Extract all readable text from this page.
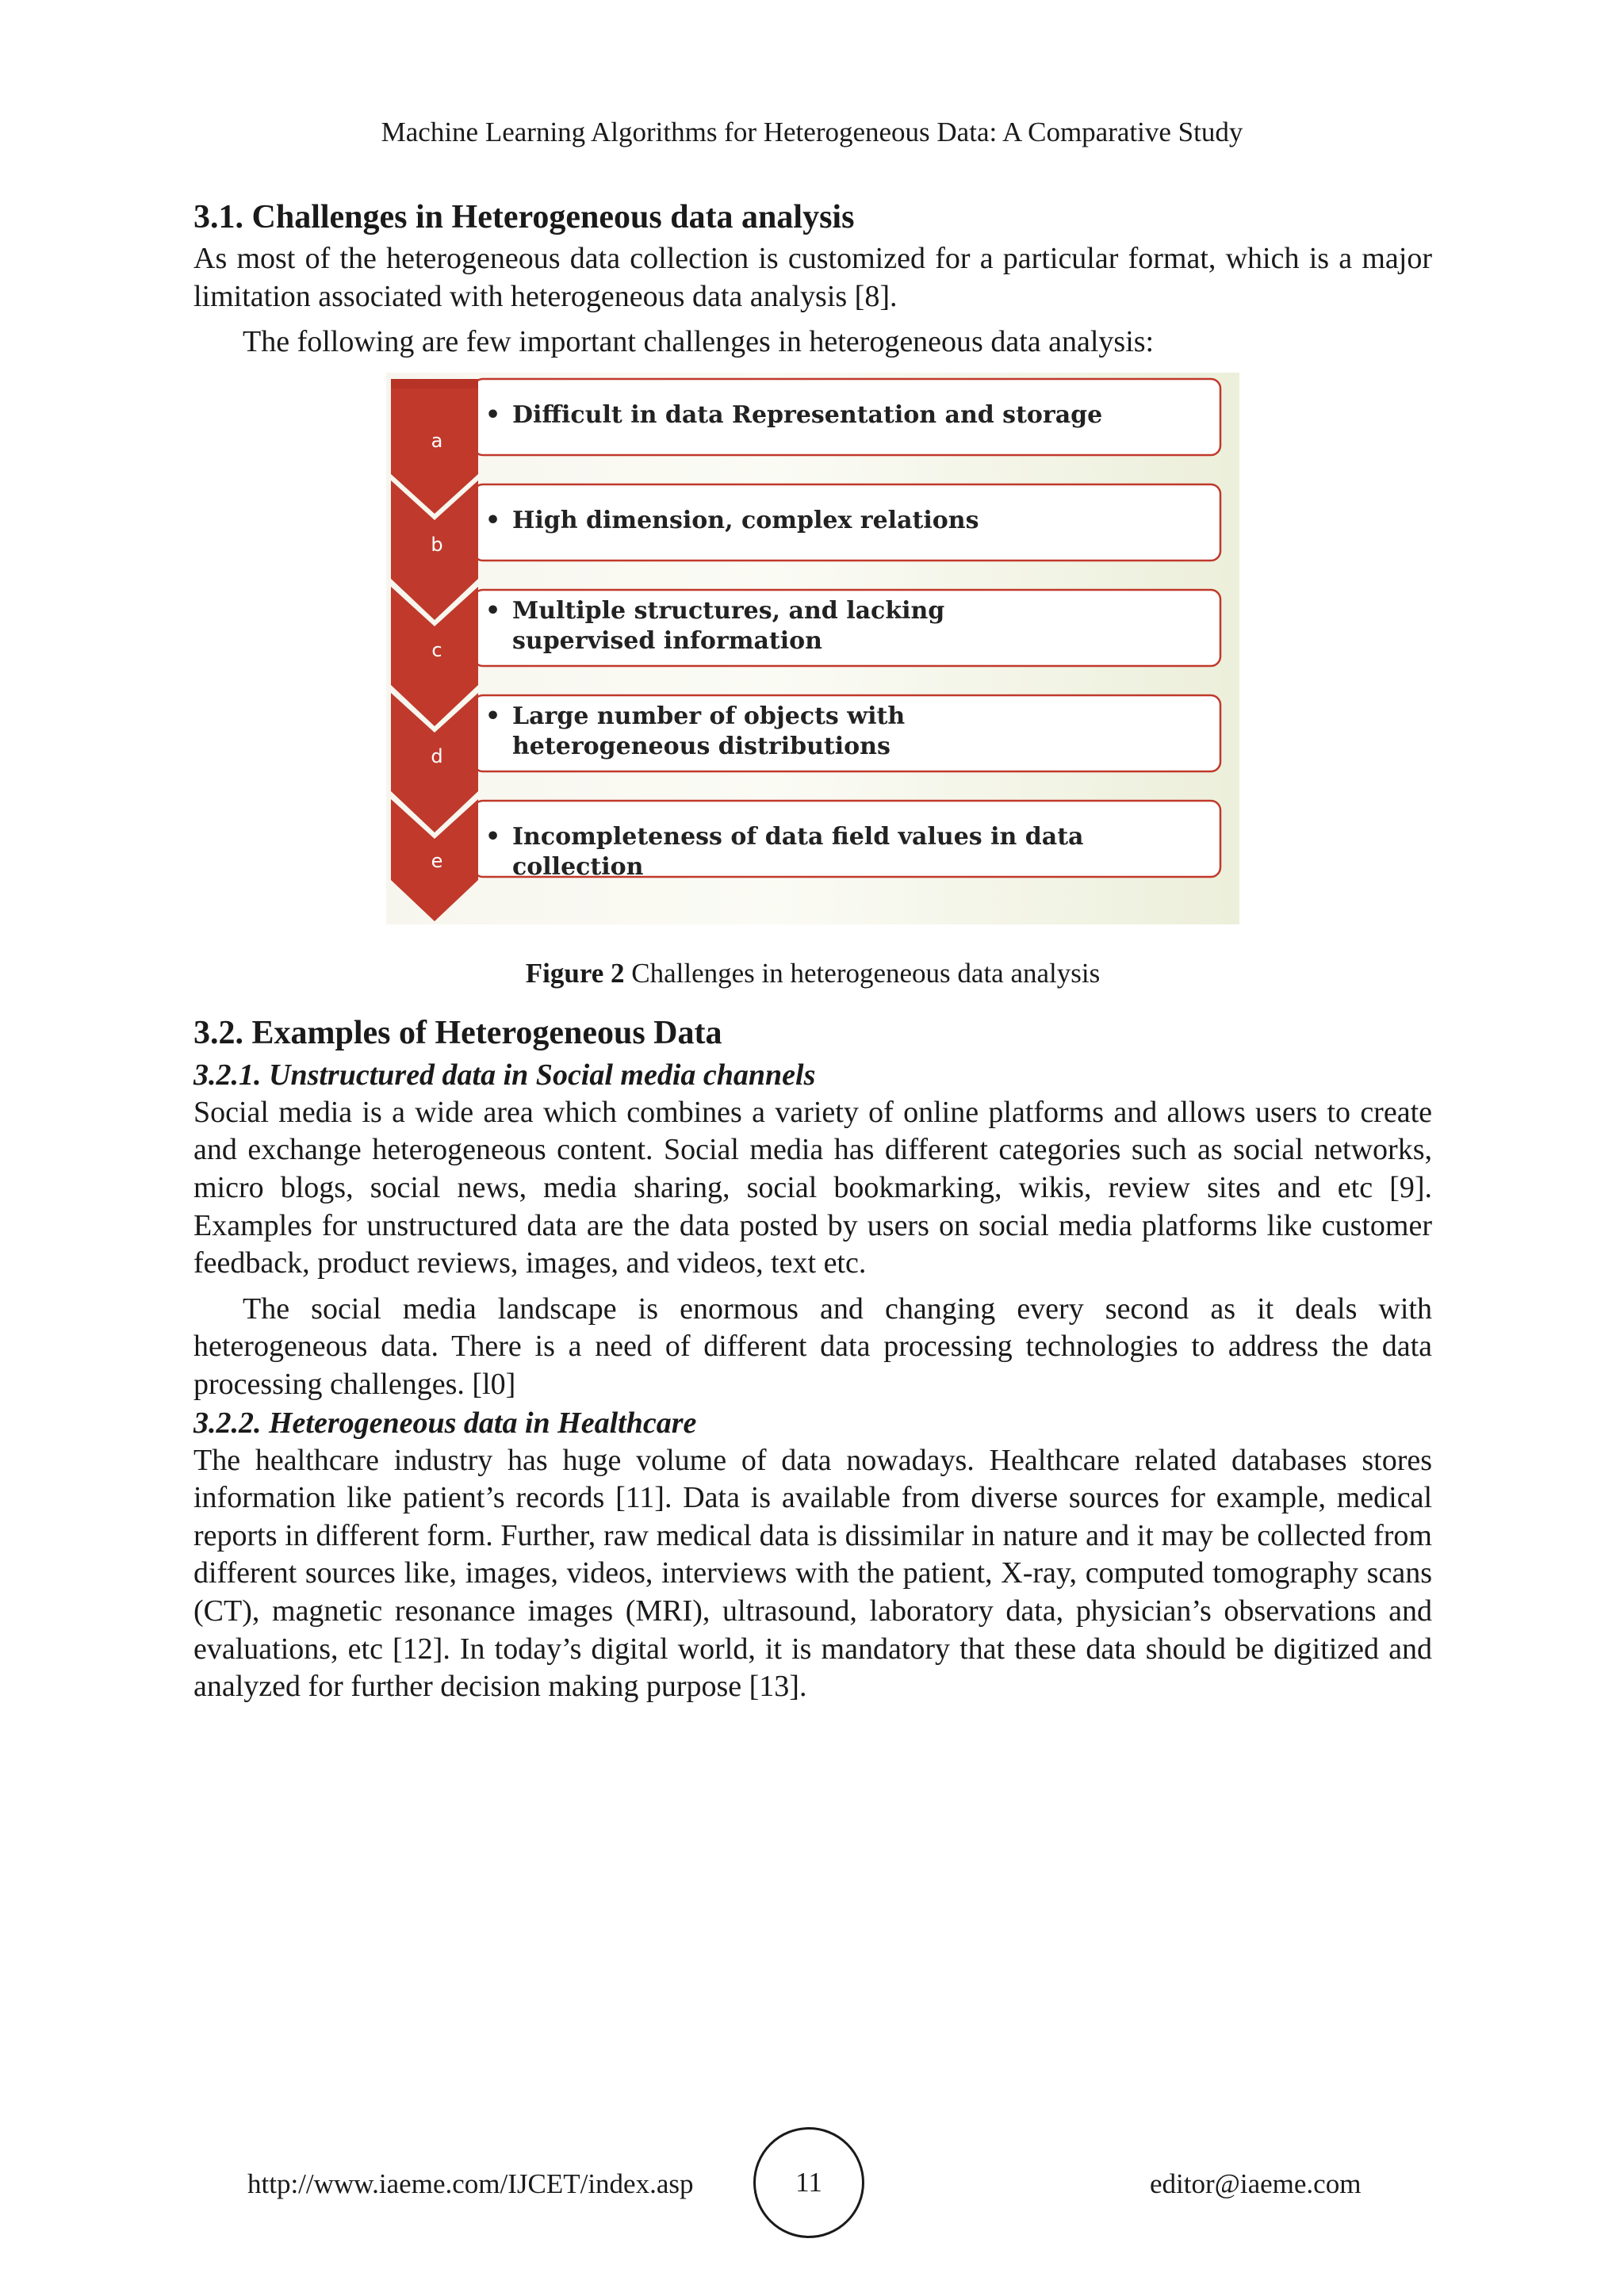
Machine Learning Algorithms for Heterogeneous Data: A Comparative Study
3.1. Challenges in Heterogeneous data analysis

As most of the heterogeneous data collection is customized for a particular format, which is a major limitation associated with heterogeneous data analysis [8].

The following are few important challenges in heterogeneous data analysis:

a
b
c
d
e
• Difficult in data Representation and storage
• High dimension, complex relations
• Multiple structures, and lacking supervised information
• Large number of objects with heterogeneous distributions
• Incompleteness of data field values in data collection
Figure 2 Challenges in heterogeneous data analysis
3.2. Examples of Heterogeneous Data
3.2.1. Unstructured data in Social media channels

Social media is a wide area which combines a variety of online platforms and allows users to create and exchange heterogeneous content. Social media has different categories such as social networks, micro blogs, social news, media sharing, social bookmarking, wikis, review sites and etc [9]. Examples for unstructured data are the data posted by users on social media platforms like customer feedback, product reviews, images, and videos, text etc.

The social media landscape is enormous and changing every second as it deals with heterogeneous data. There is a need of different data processing technologies to address the data processing challenges. [l0]

3.2.2. Heterogeneous data in Healthcare

The healthcare industry has huge volume of data nowadays. Healthcare related databases stores information like patient’s records [11]. Data is available from diverse sources for example, medical reports in different form. Further, raw medical data is dissimilar in nature and it may be collected from different sources like, images, videos, interviews with the patient, X-ray, computed tomography scans (CT), magnetic resonance images (MRI), ultrasound, laboratory data, physician’s observations and evaluations, etc [12]. In today’s digital world, it is mandatory that these data should be digitized and analyzed for further decision making purpose [13].

http://www.iaeme.com/IJCET/index.asp	11	editor@iaeme.com
